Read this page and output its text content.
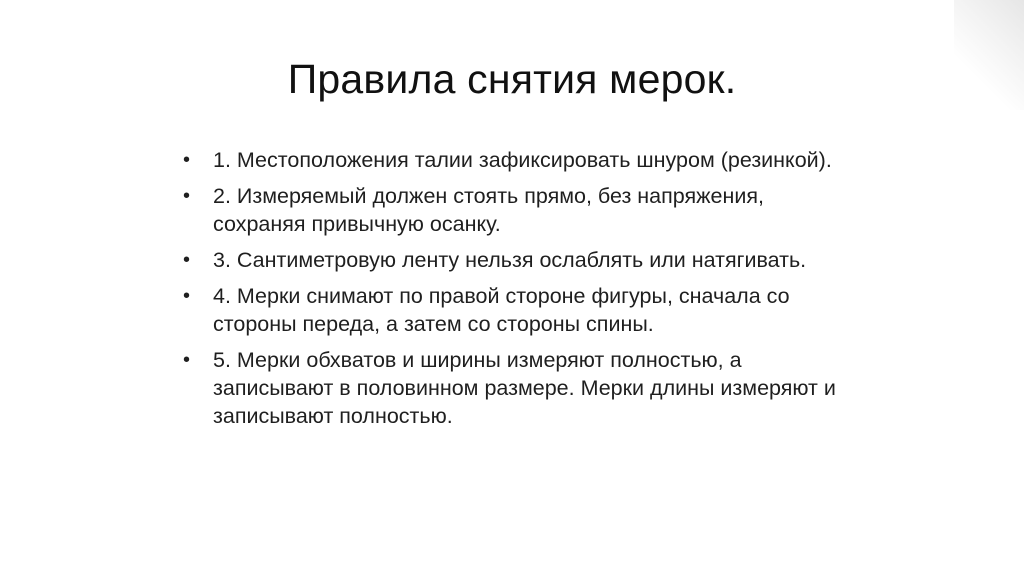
Правила снятия мерок.
•	1. Местоположения талии зафиксировать шнуром (резинкой).
•	2. Измеряемый должен стоять прямо, без напряжения, сохраняя привычную осанку.
•	3. Сантиметровую ленту нельзя ослаблять или натягивать.
•	4. Мерки снимают по правой стороне фигуры, сначала со стороны переда, а затем со стороны спины.
•	5. Мерки обхватов и ширины измеряют полностью, а записывают в половинном размере. Мерки длины измеряют и записывают полностью.
